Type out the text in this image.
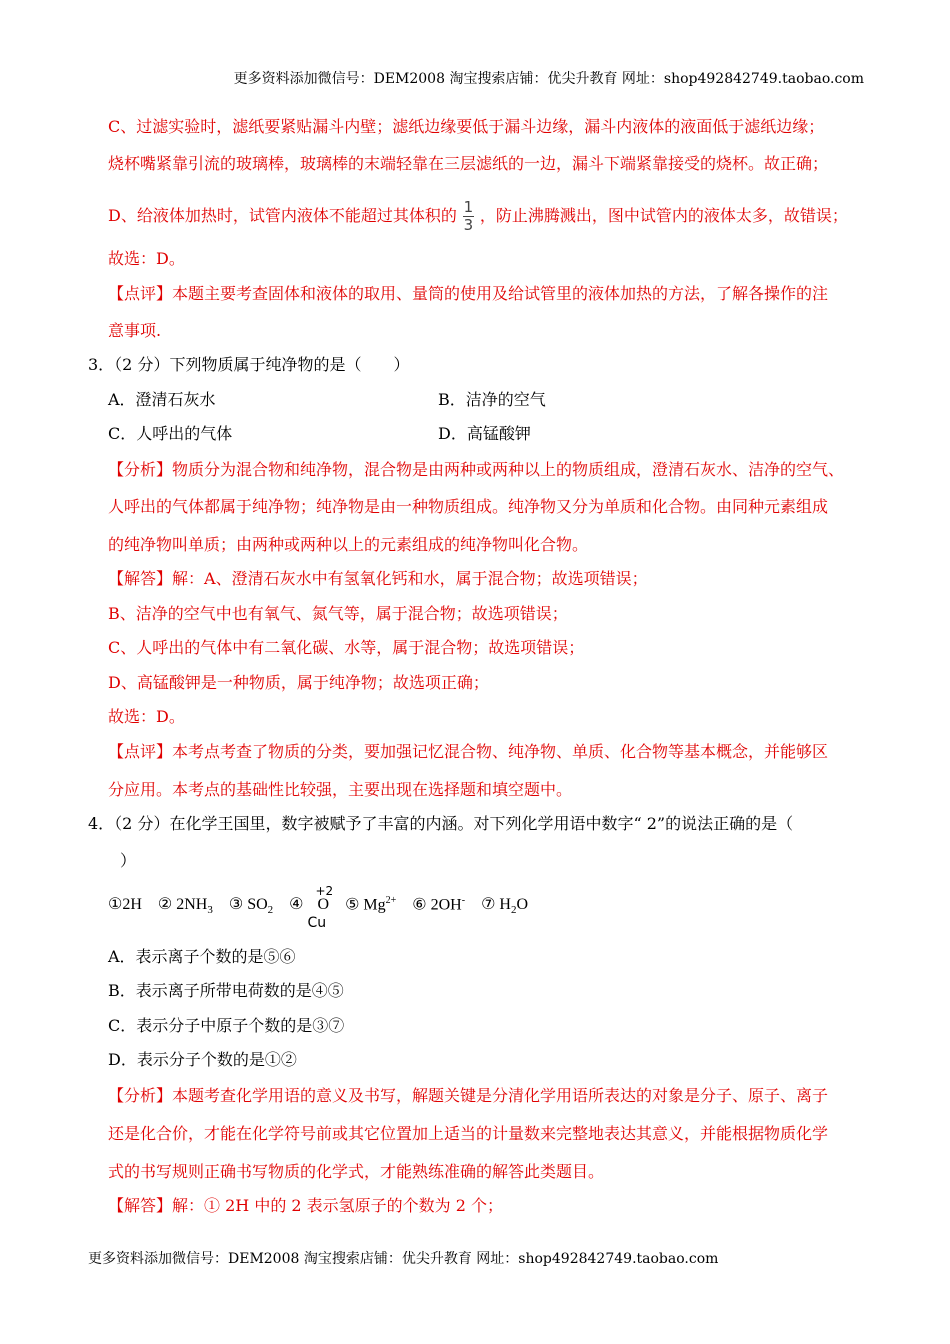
更多资料添加微信号：DEM2008 淘宝搜索店铺：优尖升教育 网址：shop492842749.taobao.com
C、过滤实验时，滤纸要紧贴漏斗内壁；滤纸边缘要低于漏斗边缘，漏斗内液体的液面低于滤纸边缘；
烧杯嘴紧靠引流的玻璃棒，玻璃棒的末端轻靠在三层滤纸的一边，漏斗下端紧靠接受的烧杯。故正确；
D、给液体加热时，试管内液体不能超过其体积的 $\frac{1}{3}$ ，防止沸腾溅出，图中试管内的液体太多，故错误；
故选：D。
【点评】本题主要考查固体和液体的取用、量筒的使用及给试管里的液体加热的方法，了解各操作的注
意事项.
3．（2 分）下列物质属于纯净物的是（　　）
A．澄清石灰水	B．洁净的空气
C．人呼出的气体	D．高锰酸钾
【分析】物质分为混合物和纯净物，混合物是由两种或两种以上的物质组成，澄清石灰水、洁净的空气、
人呼出的气体都属于纯净物；纯净物是由一种物质组成。纯净物又分为单质和化合物。由同种元素组成
的纯净物叫单质；由两种或两种以上的元素组成的纯净物叫化合物。
【解答】解：A、澄清石灰水中有氢氧化钙和水，属于混合物；故选项错误；
B、洁净的空气中也有氧气、氮气等，属于混合物；故选项错误；
C、人呼出的气体中有二氧化碳、水等，属于混合物；故选项错误；
D、高锰酸钾是一种物质，属于纯净物；故选项正确；
故选：D。
【点评】本考点考查了物质的分类，要加强记忆混合物、纯净物、单质、化合物等基本概念，并能够区
分应用。本考点的基础性比较强，主要出现在选择题和填空题中。
4．（2 分）在化学王国里，数字被赋予了丰富的内涵。对下列化学用语中数字“ 2”的说法正确的是（
）
①2H ② $2NH_3$ ③ $SO_2$ ④
+2
O
Cu
⑤ $Mg^{2+}$ ⑥ 2OH- ⑦ $H_2O$
A．表示离子个数的是⑤⑥
B．表示离子所带电荷数的是④⑤
C．表示分子中原子个数的是③⑦
D．表示分子个数的是①②
【分析】本题考查化学用语的意义及书写，解题关键是分清化学用语所表达的对象是分子、原子、离子
还是化合价，才能在化学符号前或其它位置加上适当的计量数来完整地表达其意义，并能根据物质化学
式的书写规则正确书写物质的化学式，才能熟练准确的解答此类题目。
【解答】解：① 2H 中的 2 表示氢原子的个数为 2 个；
更多资料添加微信号：DEM2008 淘宝搜索店铺：优尖升教育 网址：shop492842749.taobao.com
